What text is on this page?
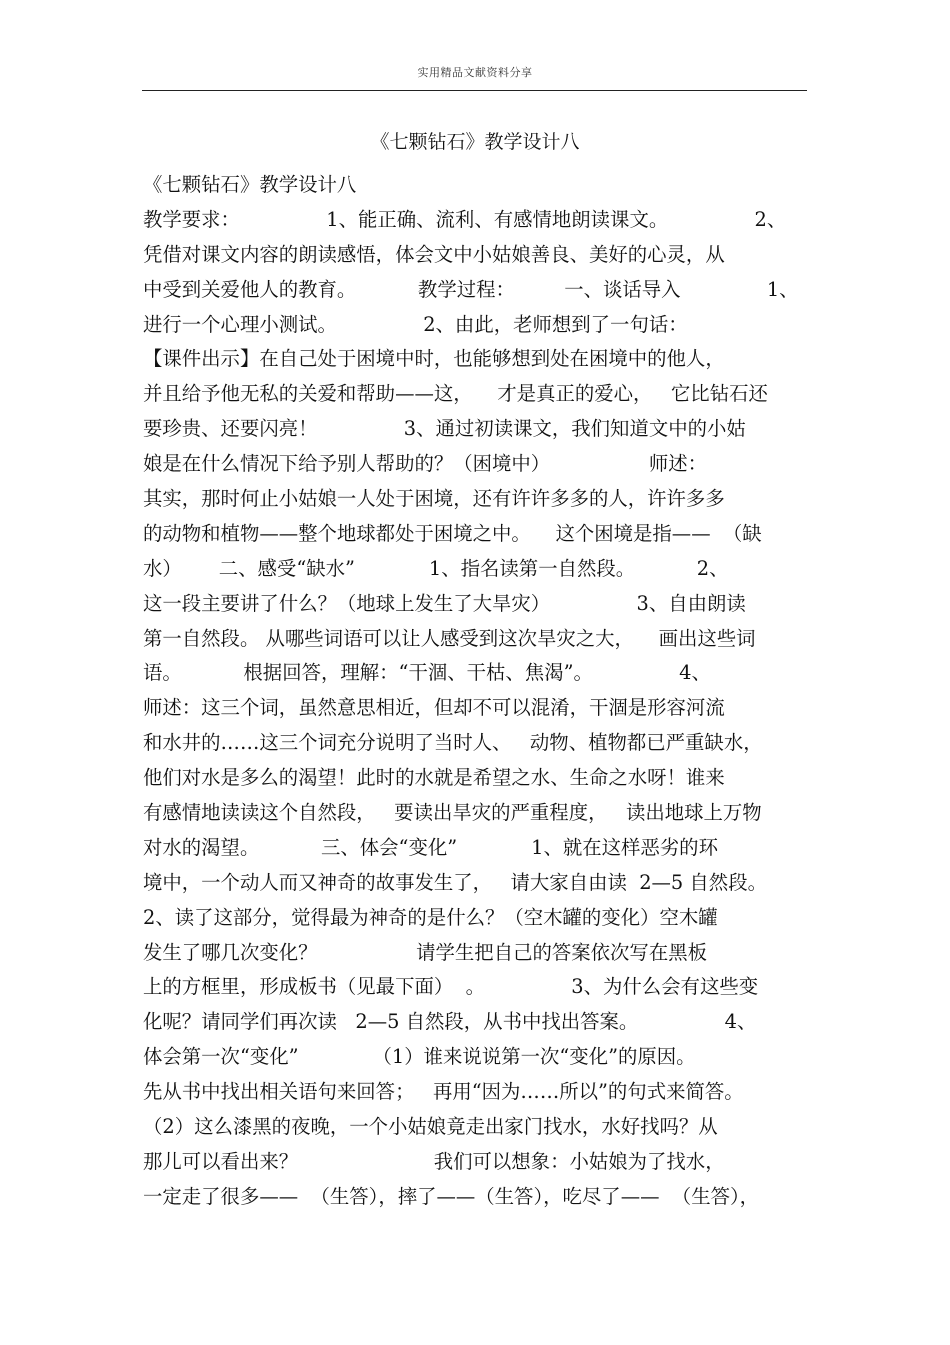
实用精品文献资料分享
《七颗钻石》教学设计八
《七颗钻石》教学设计八
教学要求：              1、能正确、流利、有感情地朗读课文。              2、
凭借对课文内容的朗读感悟，体会文中小姑娘善良、美好的心灵，从
中受到关爱他人的教育。          教学过程：        一、谈话导入              1、
进行一个心理小测试。              2、由此，老师想到了一句话：
【课件出示】在自己处于困境中时，也能够想到处在困境中的他人，
并且给予他无私的关爱和帮助——这，    才是真正的爱心，   它比钻石还
要珍贵、还要闪亮！              3、通过初读课文，我们知道文中的小姑
娘是在什么情况下给予别人帮助的？（困境中）                师述：
其实，那时何止小姑娘一人处于困境，还有许许多多的人，许许多多
的动物和植物——整个地球都处于困境之中。    这个困境是指——  （缺
水）      二、感受“缺水”            1、指名读第一自然段。          2、
这一段主要讲了什么？（地球上发生了大旱灾）              3、自由朗读
第一自然段。 从哪些词语可以让人感受到这次旱灾之大，    画出这些词
语。          根据回答，理解：“干涸、干枯、焦渴”。              4、
师述：这三个词，虽然意思相近，但却不可以混淆，干涸是形容河流
和水井的……这三个词充分说明了当时人、   动物、植物都已严重缺水，
他们对水是多么的渴望！此时的水就是希望之水、生命之水呀！谁来
有感情地读读这个自然段，   要读出旱灾的严重程度，   读出地球上万物
对水的渴望。          三、体会“变化”            1、就在这样恶劣的环
境中，一个动人而又神奇的故事发生了，   请大家自由读  2—5 自然段。
2、读了这部分，觉得最为神奇的是什么？（空木罐的变化）空木罐
发生了哪几次变化？                请学生把自己的答案依次写在黑板
上的方框里，形成板书（见最下面）  。              3、为什么会有这些变
化呢？请同学们再次读   2—5 自然段，从书中找出答案。              4、
体会第一次“变化”            （1）谁来说说第一次“变化”的原因。
先从书中找出相关语句来回答；   再用“因为……所以”的句式来简答。
（2）这么漆黑的夜晚，一个小姑娘竟走出家门找水，水好找吗？从
那儿可以看出来？                      我们可以想象：小姑娘为了找水，
一定走了很多——  （生答），摔了——（生答），吃尽了——  （生答），
